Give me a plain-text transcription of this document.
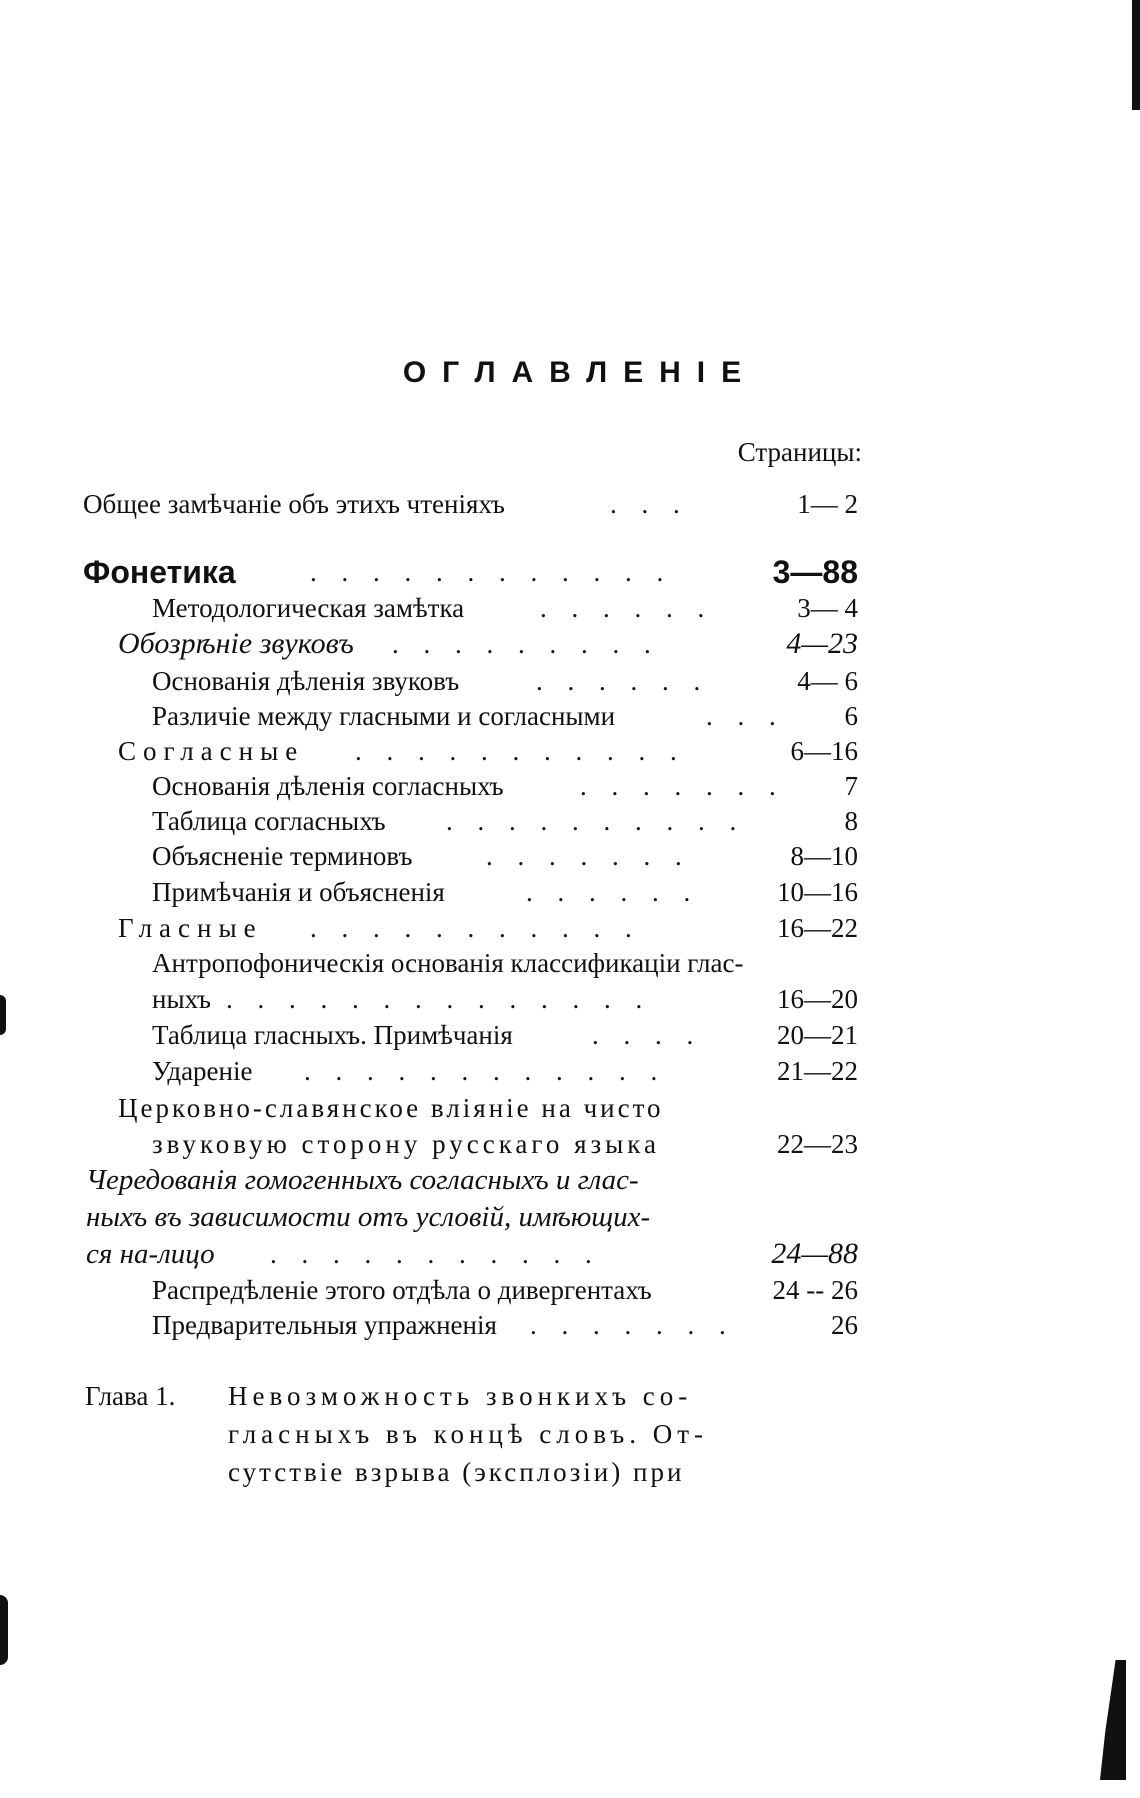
ОГЛАВЛЕНІЕ
Страницы:
Общее замѣчаніе объ этихъ чтеніяхъ	. . .	1— 2
Фонетика	. . . . . . . . . . . .	3—88
Методологическая замѣтка	. . . . . .	3— 4
Обозрѣніе звуковъ . . . . . . . . .	4—23
Основанія дѣленія звуковъ	. . . . . .	4— 6
Различіе между гласными и согласными	. . . 6
Согласные . . . . . . . . . . .	6—16
Основанія дѣленія согласныхъ	. . . . . . . 7
Таблица согласныхъ . . . . . . . . . .	8
Объясненіе терминовъ	. . . . . . .	8—10
Примѣчанія и объясненія	. . . . . .	10—16
Гласные . . . . . . . . . . .	16—22
Антропофоническія основанія классификаціи глас-
ныхъ . . . . . . . . . . . . . .	16—20
Таблица гласныхъ. Примѣчанія	. . . .	20—21
Удареніе . . . . . . . . . . . .	21—22
Церковно-славянское вліяніе на чисто
звуковую сторону русскаго языка	22—23
Чередованія гомогенныхъ согласныхъ и глас-
ныхъ въ зависимости отъ условій, имѣющих-
ся на-лицо . . . . . . . . . . .	24—88
Распредѣленіе этого отдѣла о дивергентахъ	24 -- 26
Предварительныя упражненія . . . . . . .	26
Глава 1. Невозможность звонкихъ со-
гласныхъ въ концѣ словъ. От-
сутствіе взрыва (эксплозіи) при
